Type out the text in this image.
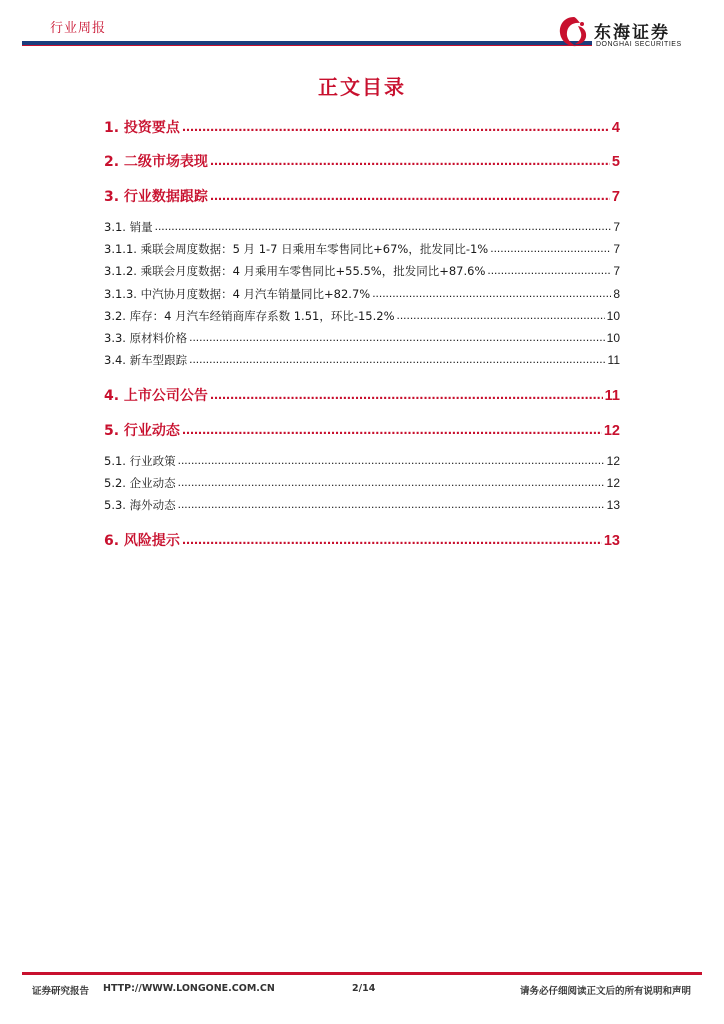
行业周报	东海证券
DONGHAI SECURITIES
正文目录
1. 投资要点 .....	4
2. 二级市场表现 .....	5
3. 行业数据跟踪 .....	7
3.1. 销量 .....	7
3.1.1. 乘联会周度数据：5 月 1-7 日乘用车零售同比+67%，批发同比-1% .....	7
3.1.2. 乘联会月度数据：4 月乘用车零售同比+55.5%，批发同比+87.6% .....	7
3.1.3. 中汽协月度数据：4 月汽车销量同比+82.7% .....	8
3.2. 库存：4 月汽车经销商库存系数 1.51，环比-15.2% .....	10
3.3. 原材料价格 .....	10
3.4. 新车型跟踪 .....	11
4. 上市公司公告 .....	11
5. 行业动态 .....	12
5.1. 行业政策 .....	12
5.2. 企业动态 .....	12
5.3. 海外动态 .....	13
6. 风险提示 .....	13
证券研究报告 HTTP://WWW.LONGONE.COM.CN	2/14	请务必仔细阅读正文后的所有说明和声明
